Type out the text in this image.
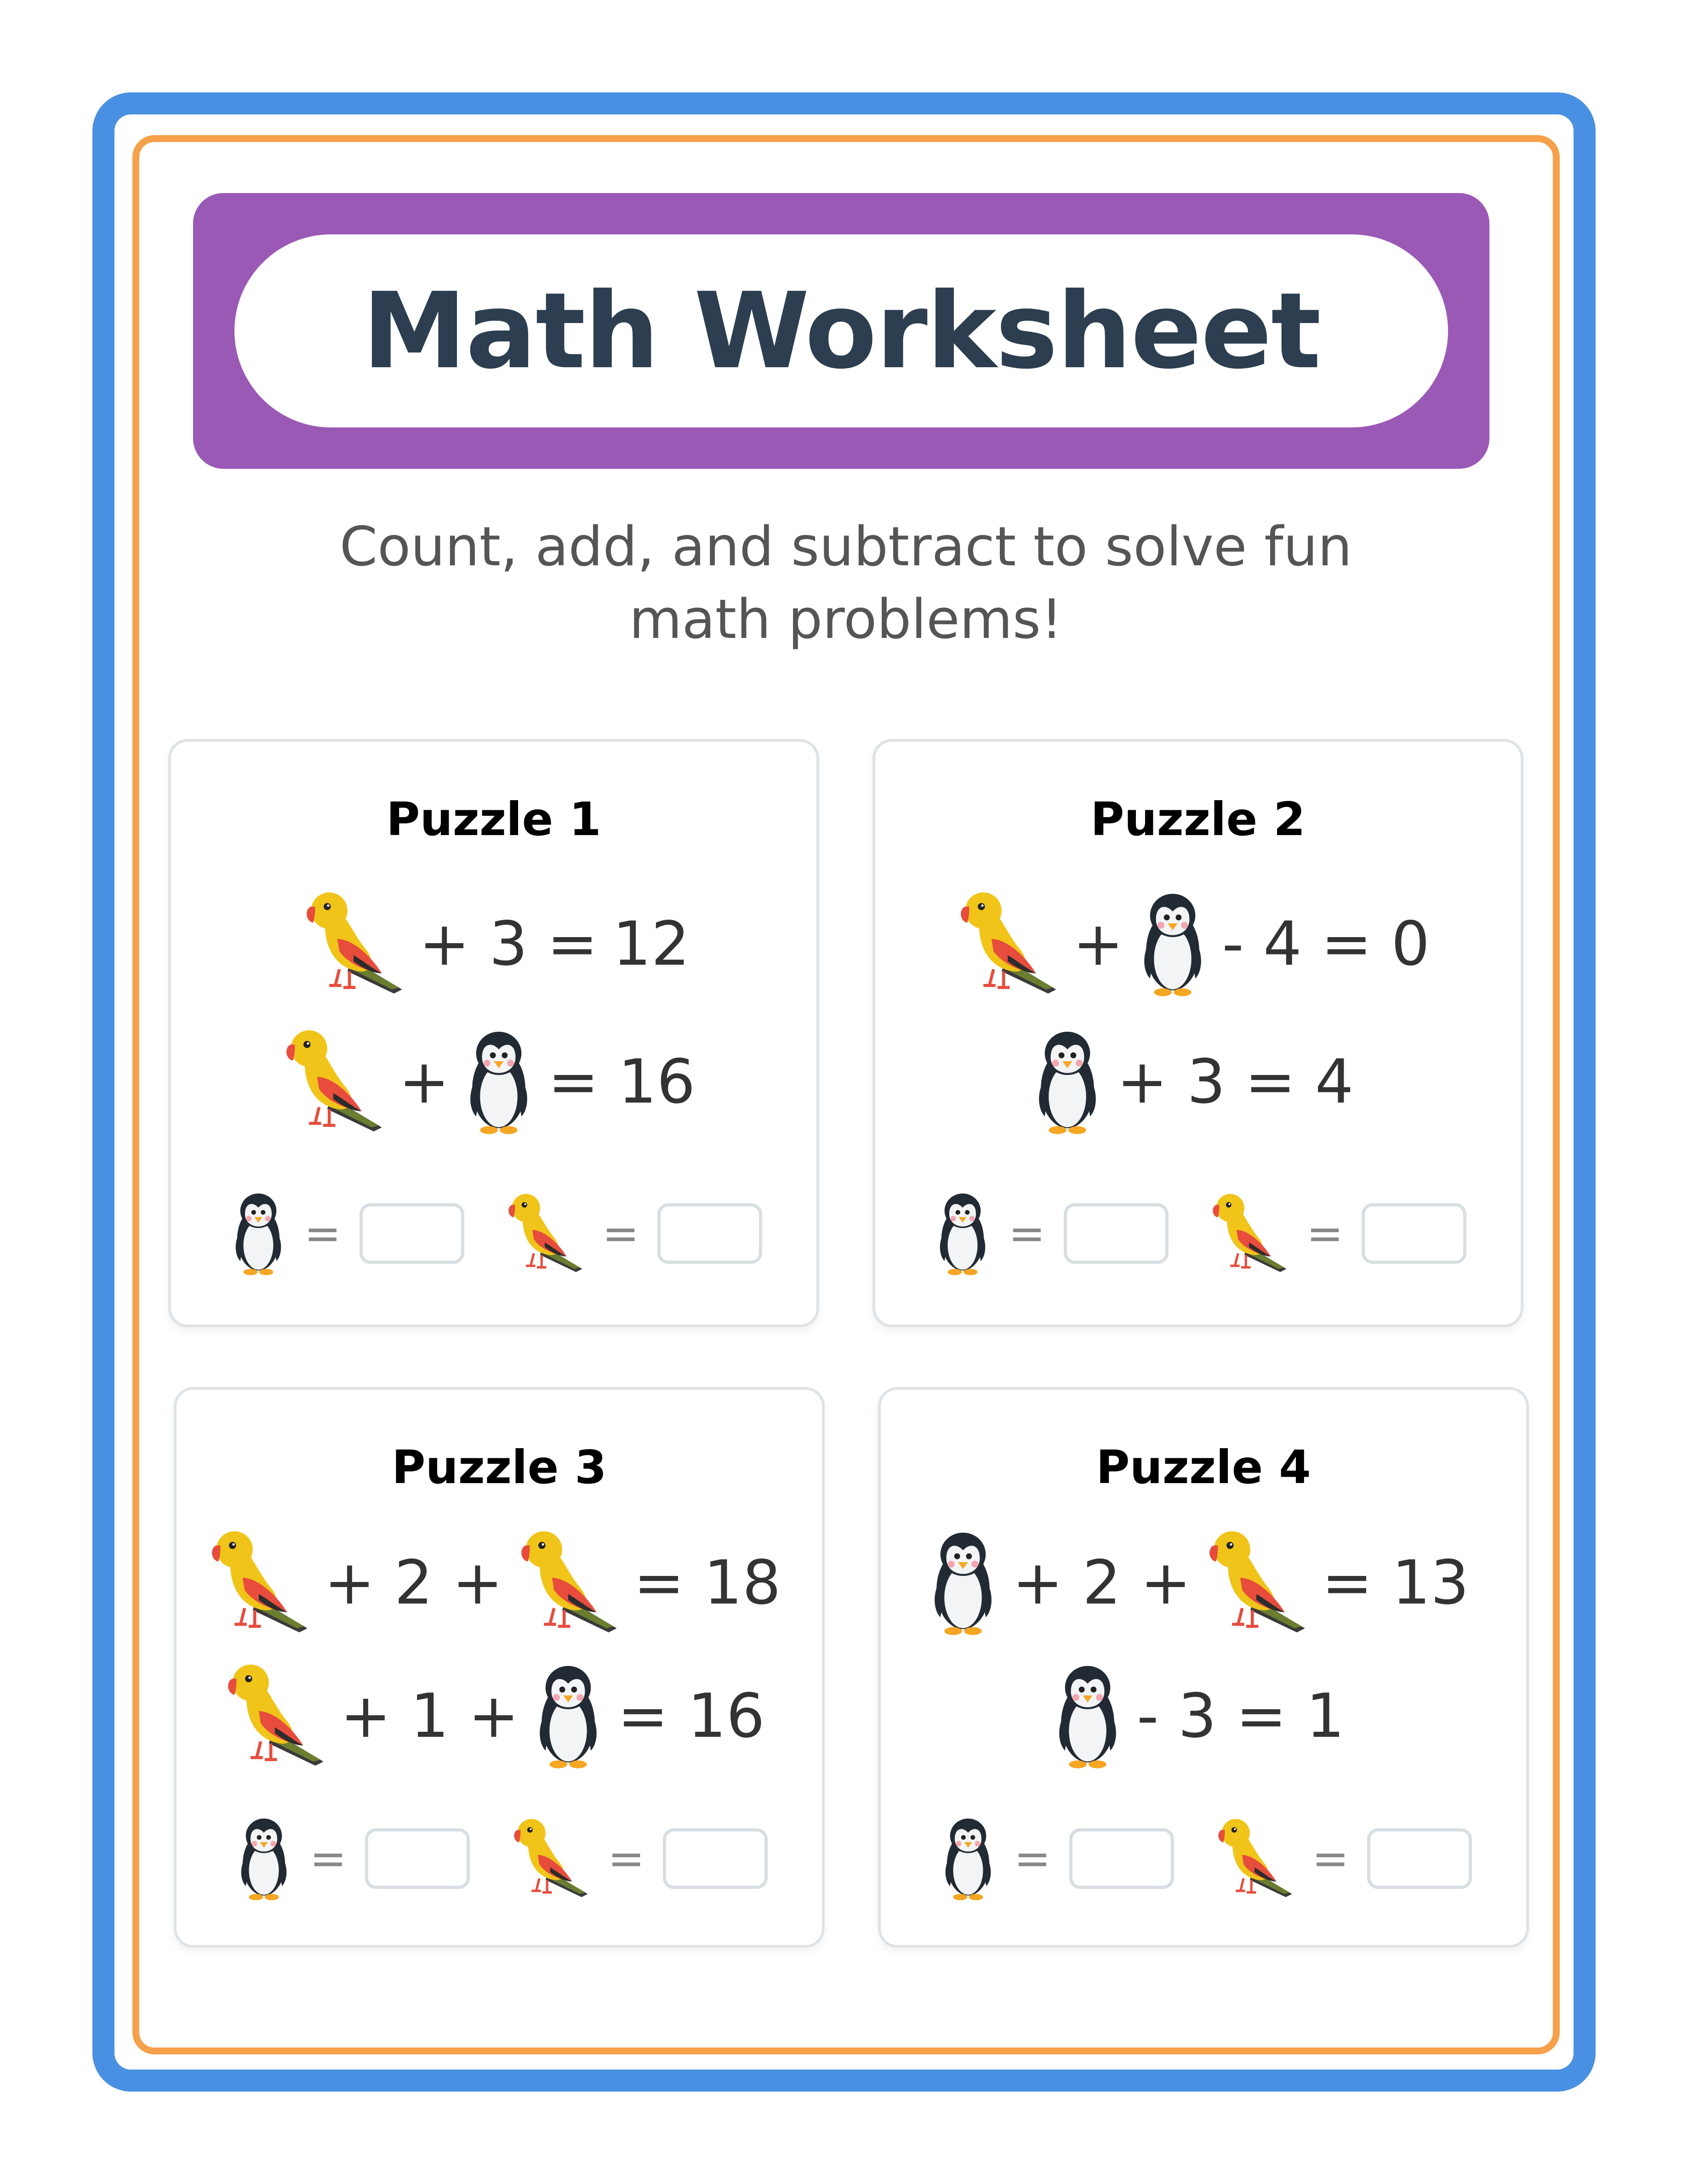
Math Worksheet
Count, add, and subtract to solve fun math problems!
Puzzle 1
+ 3 = 12
+ = 16
=	=
Puzzle 2
+ - 4 = 0
+ 3 = 4
=	=
Puzzle 3
+ 2 + = 18
+ 1 + = 16
=	=
Puzzle 4
+ 2 + = 13
- 3 = 1
=	=
